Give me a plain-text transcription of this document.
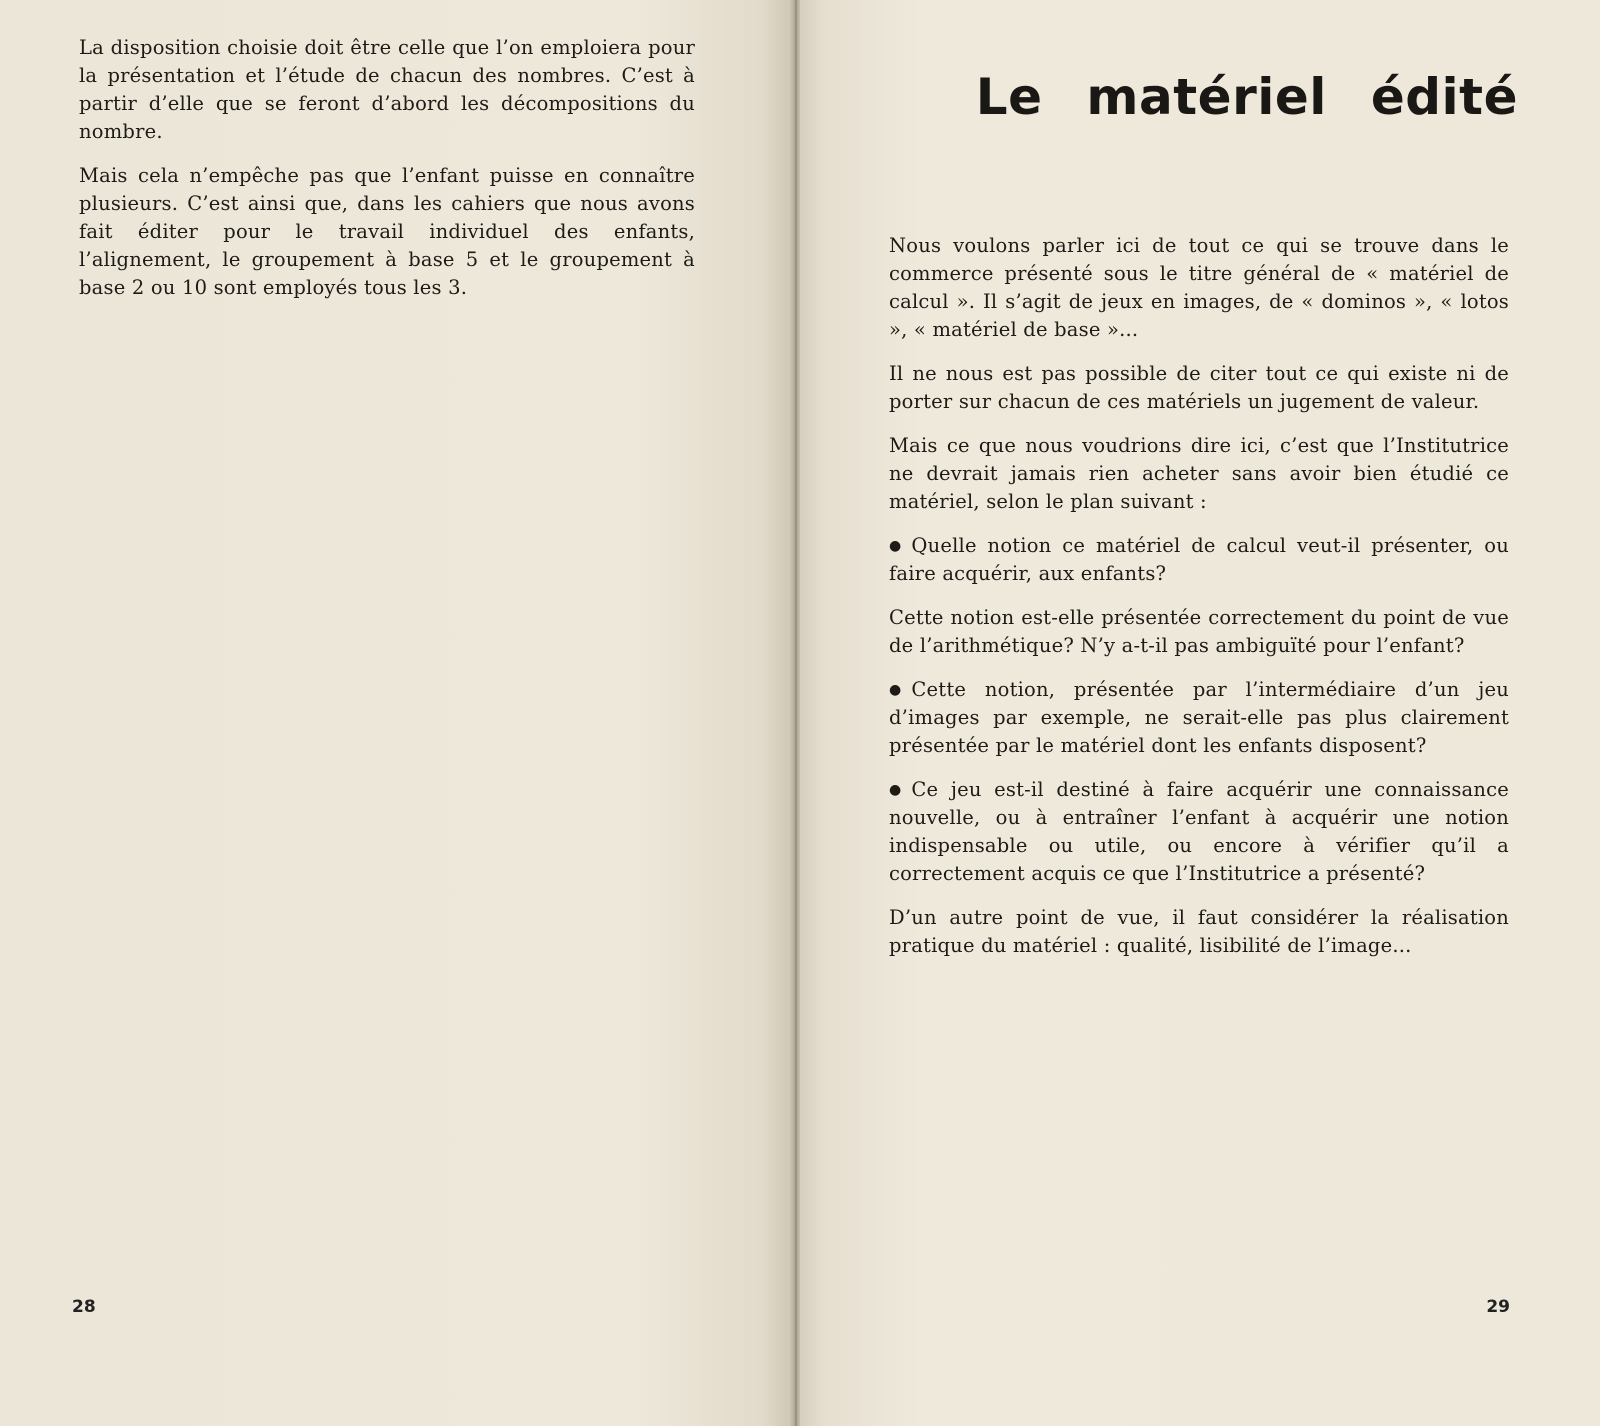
La disposition choisie doit être celle que l’on emploiera pour la présentation et l’étude de chacun des nombres. C’est à partir d’elle que se feront d’abord les décompositions du nombre.

Mais cela n’empêche pas que l’enfant puisse en connaître plusieurs. C’est ainsi que, dans les cahiers que nous avons fait éditer pour le travail individuel des enfants, l’alignement, le groupement à base 5 et le groupement à base 2 ou 10 sont employés tous les 3.

28
Le matériel édité

Nous voulons parler ici de tout ce qui se trouve dans le commerce présenté sous le titre général de « matériel de calcul ». Il s’agit de jeux en images, de « dominos », « lotos », « matériel de base »...

Il ne nous est pas possible de citer tout ce qui existe ni de porter sur chacun de ces matériels un jugement de valeur.

Mais ce que nous voudrions dire ici, c’est que l’Institutrice ne devrait jamais rien acheter sans avoir bien étudié ce matériel, selon le plan suivant :

● Quelle notion ce matériel de calcul veut-il présenter, ou faire acquérir, aux enfants?

Cette notion est-elle présentée correctement du point de vue de l’arithmétique? N’y a-t-il pas ambiguïté pour l’enfant?

● Cette notion, présentée par l’intermédiaire d’un jeu d’images par exemple, ne serait-elle pas plus clairement présentée par le matériel dont les enfants disposent?

● Ce jeu est-il destiné à faire acquérir une connaissance nouvelle, ou à entraîner l’enfant à acquérir une notion indispensable ou utile, ou encore à vérifier qu’il a correctement acquis ce que l’Institutrice a présenté?

D’un autre point de vue, il faut considérer la réalisation pratique du matériel : qualité, lisibilité de l’image...

29
